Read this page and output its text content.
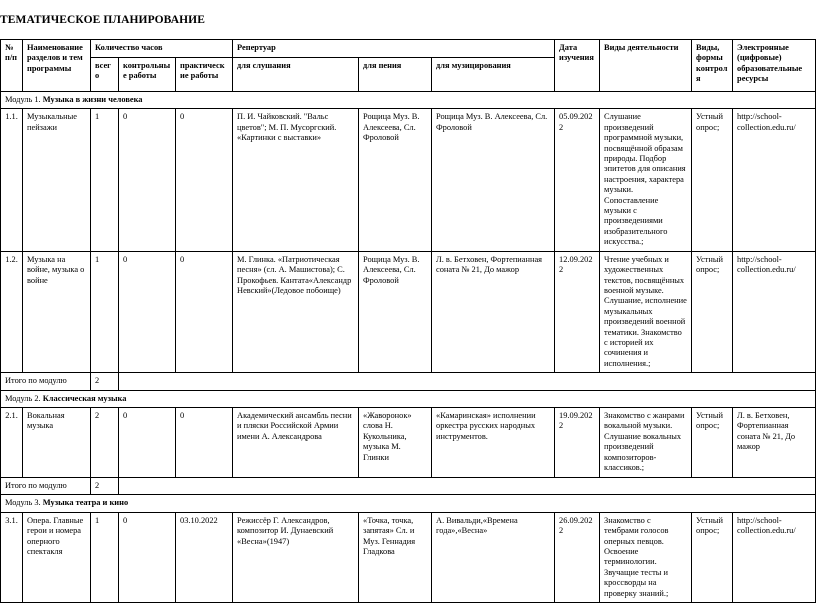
ТЕМАТИЧЕСКОЕ ПЛАНИРОВАНИЕ
№ п/п	Наименование разделов и тем программы	Количество часов			Репертуар			Дата изучения	Виды деятельности	Виды, формы контроля	Электронные (цифровые) образовательные ресурсы
		всего	контрольные работы	практические работы	для слушания	для пения	для музицирования				
Модуль 1. Музыка в жизни человека											
1.1.	Музыкальные пейзажи	1	0	0	П. И. Чайковский. "Вальс цветов"; М. П. Мусоргский. «Картинки с выставки»	Рощица Муз. В. Алексеева, Сл. Фроловой	Рощица Муз. В. Алексеева, Сл. Фроловой	05.09.2022	Слушание произведений программной музыки, посвящённой образам природы. Подбор эпитетов для описания настроения, характера музыки. Сопоставление музыки с произведениями изобразительного искусства.;	Устный опрос;	http://school-collection.edu.ru/
1.2.	Музыка на войне, музыка о войне	1	0	0	М. Глинка. «Патриотическая песня» (сл. А. Машистова); С. Прокофьев. Кантата«Александр Невский»(Ледовое побоище)	Рощица Муз. В. Алексеева, Сл. Фроловой	Л. в. Бетховен, Фортепианная соната № 21, До мажор	12.09.2022	Чтение учебных и художественных текстов, посвящённых военной музыке. Слушание, исполнение музыкальных произведений военной тематики. Знакомство с историей их сочинения и исполнения.;	Устный опрос;	http://school-collection.edu.ru/
Итого по модулю		2									
Модуль 2. Классическая музыка											
2.1.	Вокальная музыка	2	0	0	Академический ансамбль песни и пляски Российской Армии имени А. Александрова	«Жаворонок» слова Н. Кукольника, музыка М. Глинки	«Камаринская» исполнении оркестра русских народных инструментов.	19.09.2022	Знакомство с жанрами вокальной музыки. Слушание вокальных произведений композиторов-классиков.;	Устный опрос;	Л. в. Бетховен, Фортепианная соната № 21, До мажор
Итого по модулю		2									
Модуль 3. Музыка театра и кино											
3.1.	Опера. Главные герои и номера оперного спектакля	1	0	03.10.2022	Режиссёр Г. Александров, композитор И. Дунаевский «Весна»(1947)	«Точка, точка, запятая» Сл. и Муз. Геннадия Гладкова	А. Вивальди,«Времена года»,«Весна»	26.09.2022	Знакомство с тембрами голосов оперных певцов. Освоение терминологии. Звучащие тесты и кроссворды на проверку знаний.;	Устный опрос;	http://school-collection.edu.ru/
